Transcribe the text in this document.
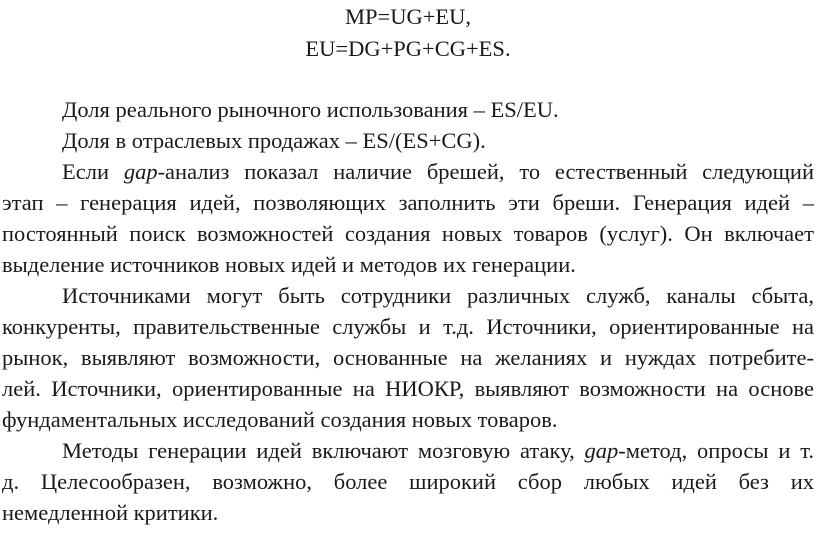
MP=UG+EU,
EU=DG+PG+CG+ES.
Доля реального рыночного использования – ES/EU.
Доля в отраслевых продажах – ES/(ES+CG).
Если gap-анализ показал наличие брешей, то естественный следующий
этап – генерация идей, позволяющих заполнить эти бреши. Генерация идей –
постоянный поиск возможностей создания новых товаров (услуг). Он включает
выделение источников новых идей и методов их генерации.
Источниками могут быть сотрудники различных служб, каналы сбыта,
конкуренты, правительственные службы и т.д. Источники, ориентированные на
рынок, выявляют возможности, основанные на желаниях и нуждах потребите-
лей. Источники, ориентированные на НИОКР, выявляют возможности на основе
фундаментальных исследований создания новых товаров.
Методы генерации идей включают мозговую атаку, gap-метод, опросы и т.
д. Целесообразен, возможно, более широкий сбор любых идей без их
немедленной критики.
